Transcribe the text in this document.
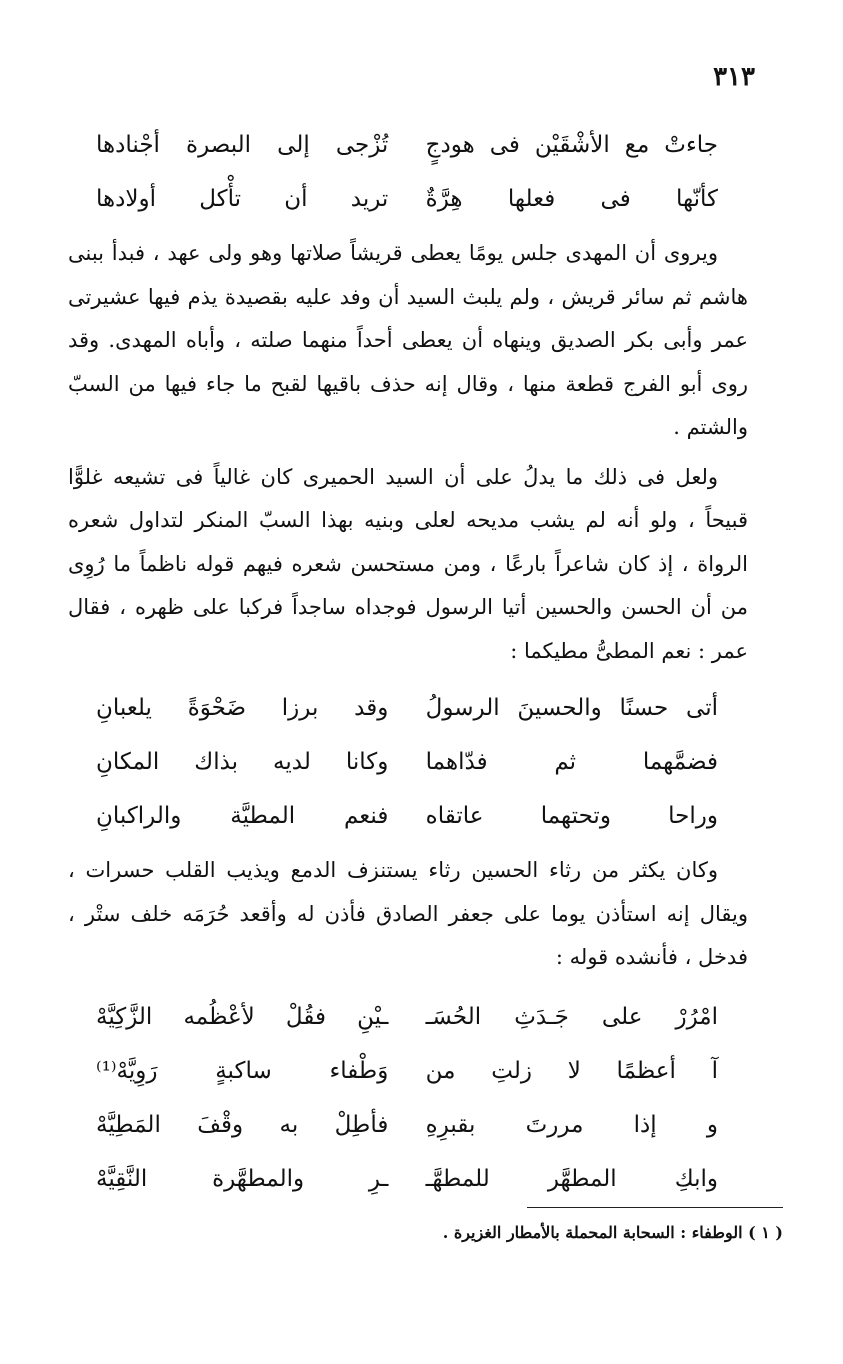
٣١٣
جاءتْ مع الأشْقَيْن فى هودجٍ
تُزْجى إلى البصرة أجْنادها
كأنّها فى فعلها هِرَّةٌ
تريد أن تأْكل أولادها

ويروى أن المهدى جلس يومًا يعطى قريشاً صلاتها وهو ولى عهد ، فبدأ ببنى هاشم ثم سائر قريش ، ولم يلبث السيد أن وفد عليه بقصيدة يذم فيها عشيرتى عمر وأبى بكر الصديق وينهاه أن يعطى أحداً منهما صلته ، وأباه المهدى. وقد روى أبو الفرج قطعة منها ، وقال إنه حذف باقيها لقبح ما جاء فيها من السبّ والشتم .

ولعل فى ذلك ما يدلُ على أن السيد الحميرى كان غالياً فى تشيعه غلوًّا قبيحاً ، ولو أنه لم يشب مديحه لعلى وبنيه بهذا السبّ المنكر لتداول شعره الرواة ، إذ كان شاعراً بارعًا ، ومن مستحسن شعره فيهم قوله ناظماً ما رُوِى من أن الحسن والحسين أتيا الرسول فوجداه ساجداً فركبا على ظهره ، فقال عمر : نعم المطىُّ مطيكما :

أتى حسنًا والحسينَ الرسولُ
وقد برزا ضَحْوَةً يلعبانِ
فضمَّهما ثم فدّاهما
وكانا لديه بذاك المكانِ
وراحا وتحتهما عاتقاه
فنعم المطيَّة والراكبانِ

وكان يكثر من رثاء الحسين رثاء يستنزف الدمع ويذيب القلب حسرات ، ويقال إنه استأذن يوما على جعفر الصادق فأذن له وأقعد حُرَمَه خلف ستْر ، فدخل ، فأنشده قوله :

امْرُرْ على جَـدَثِ الحُسَـ
ـيْنِ فقُلْ لأعْظُمه الزَّكِيَّهْ
آ أعظمًا لا زلتِ من
وَطْفاء ساكبةٍ رَوِيَّهْ⁽¹⁾
و إذا مررتَ بقبرِهِ
فأطِلْ به وقْفَ المَطِيَّهْ
وابكِ المطهَّر للمطهَّـ
ـرِ والمطهَّرة النَّقِيَّهْ
( ١ ) الوطفاء : السحابة المحملة بالأمطار الغزيرة .
